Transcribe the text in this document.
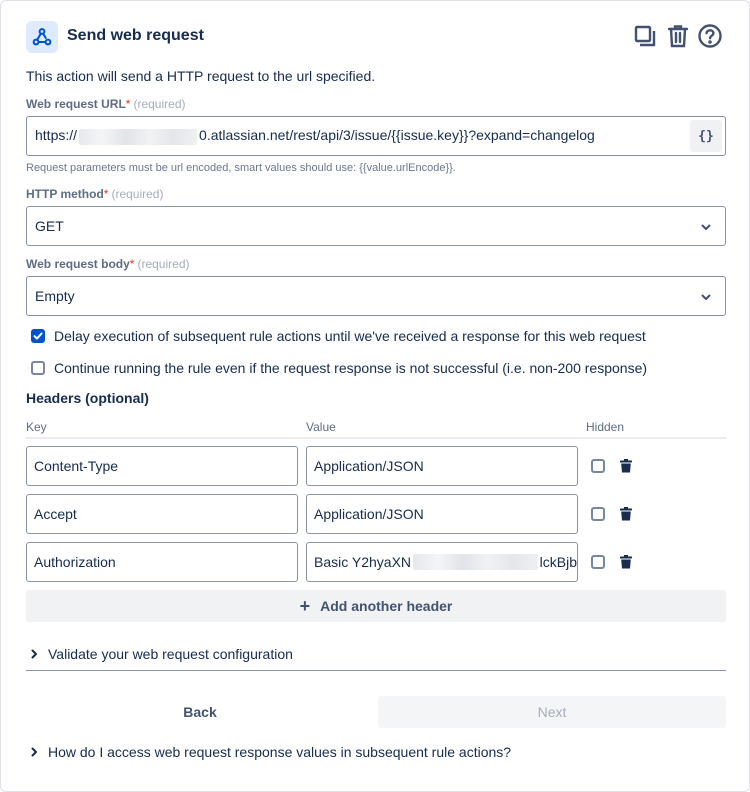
Send web request
This action will send a HTTP request to the url specified.
Web request URL* (required)
https://	0.atlassian.net/rest/api/3/issue/{{issue.key}}?expand=changelog	{}
Request parameters must be url encoded, smart values should use: {{value.urlEncode}}.
HTTP method* (required)
GET
Web request body* (required)
Empty
Delay execution of subsequent rule actions until we've received a response for this web request
Continue running the rule even if the request response is not successful (i.e. non-200 response)
Headers (optional)
Key	Value	Hidden
Content-Type	Application/JSON
Accept	Application/JSON
Authorization	Basic Y2hyaXN	lckBjb
+ Add another header
Validate your web request configuration
Back	Next
How do I access web request response values in subsequent rule actions?
